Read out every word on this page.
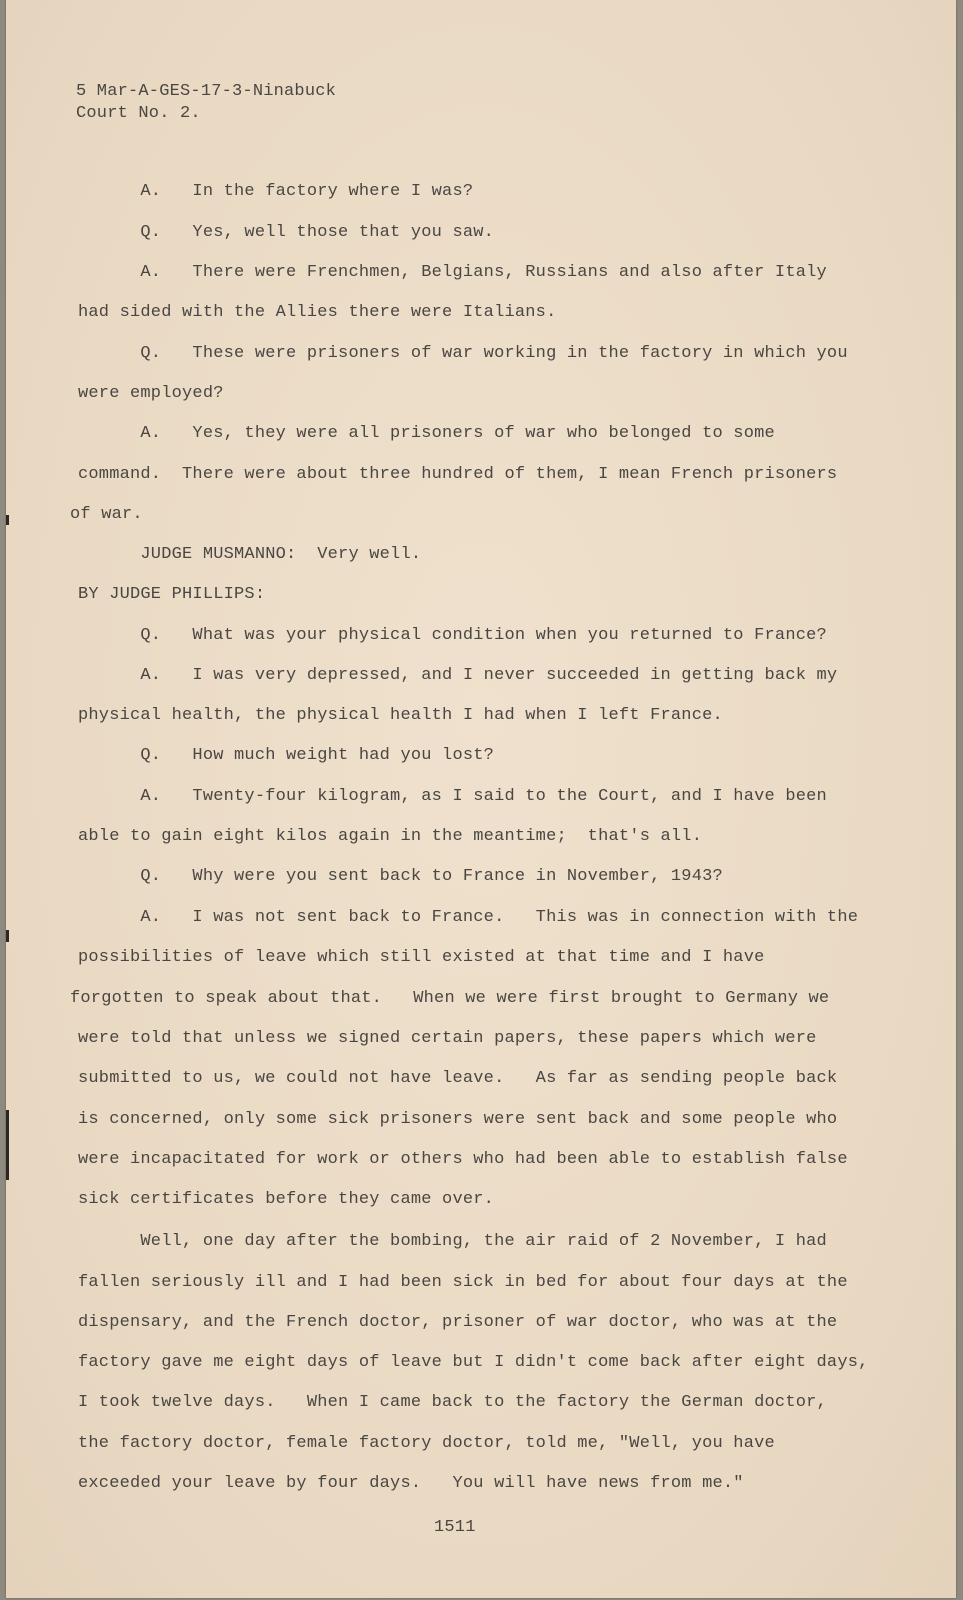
5 Mar-A-GES-17-3-Ninabuck

Court No. 2.

A.   In the factory where I was?

Q.   Yes, well those that you saw.

A.   There were Frenchmen, Belgians, Russians and also after Italy

had sided with the Allies there were Italians.

Q.   These were prisoners of war working in the factory in which you

were employed?

A.   Yes, they were all prisoners of war who belonged to some

command.  There were about three hundred of them, I mean French prisoners

of war.

JUDGE MUSMANNO:  Very well.

BY JUDGE PHILLIPS:

Q.   What was your physical condition when you returned to France?

A.   I was very depressed, and I never succeeded in getting back my

physical health, the physical health I had when I left France.

Q.   How much weight had you lost?

A.   Twenty-four kilogram, as I said to the Court, and I have been

able to gain eight kilos again in the meantime;  that's all.

Q.   Why were you sent back to France in November, 1943?

A.   I was not sent back to France.   This was in connection with the

possibilities of leave which still existed at that time and I have

forgotten to speak about that.   When we were first brought to Germany we

were told that unless we signed certain papers, these papers which were

submitted to us, we could not have leave.   As far as sending people back

is concerned, only some sick prisoners were sent back and some people who

were incapacitated for work or others who had been able to establish false

sick certificates before they came over.

Well, one day after the bombing, the air raid of 2 November, I had

fallen seriously ill and I had been sick in bed for about four days at the

dispensary, and the French doctor, prisoner of war doctor, who was at the

factory gave me eight days of leave but I didn't come back after eight days,

I took twelve days.   When I came back to the factory the German doctor,

the factory doctor, female factory doctor, told me, "Well, you have

exceeded your leave by four days.   You will have news from me."

1511
